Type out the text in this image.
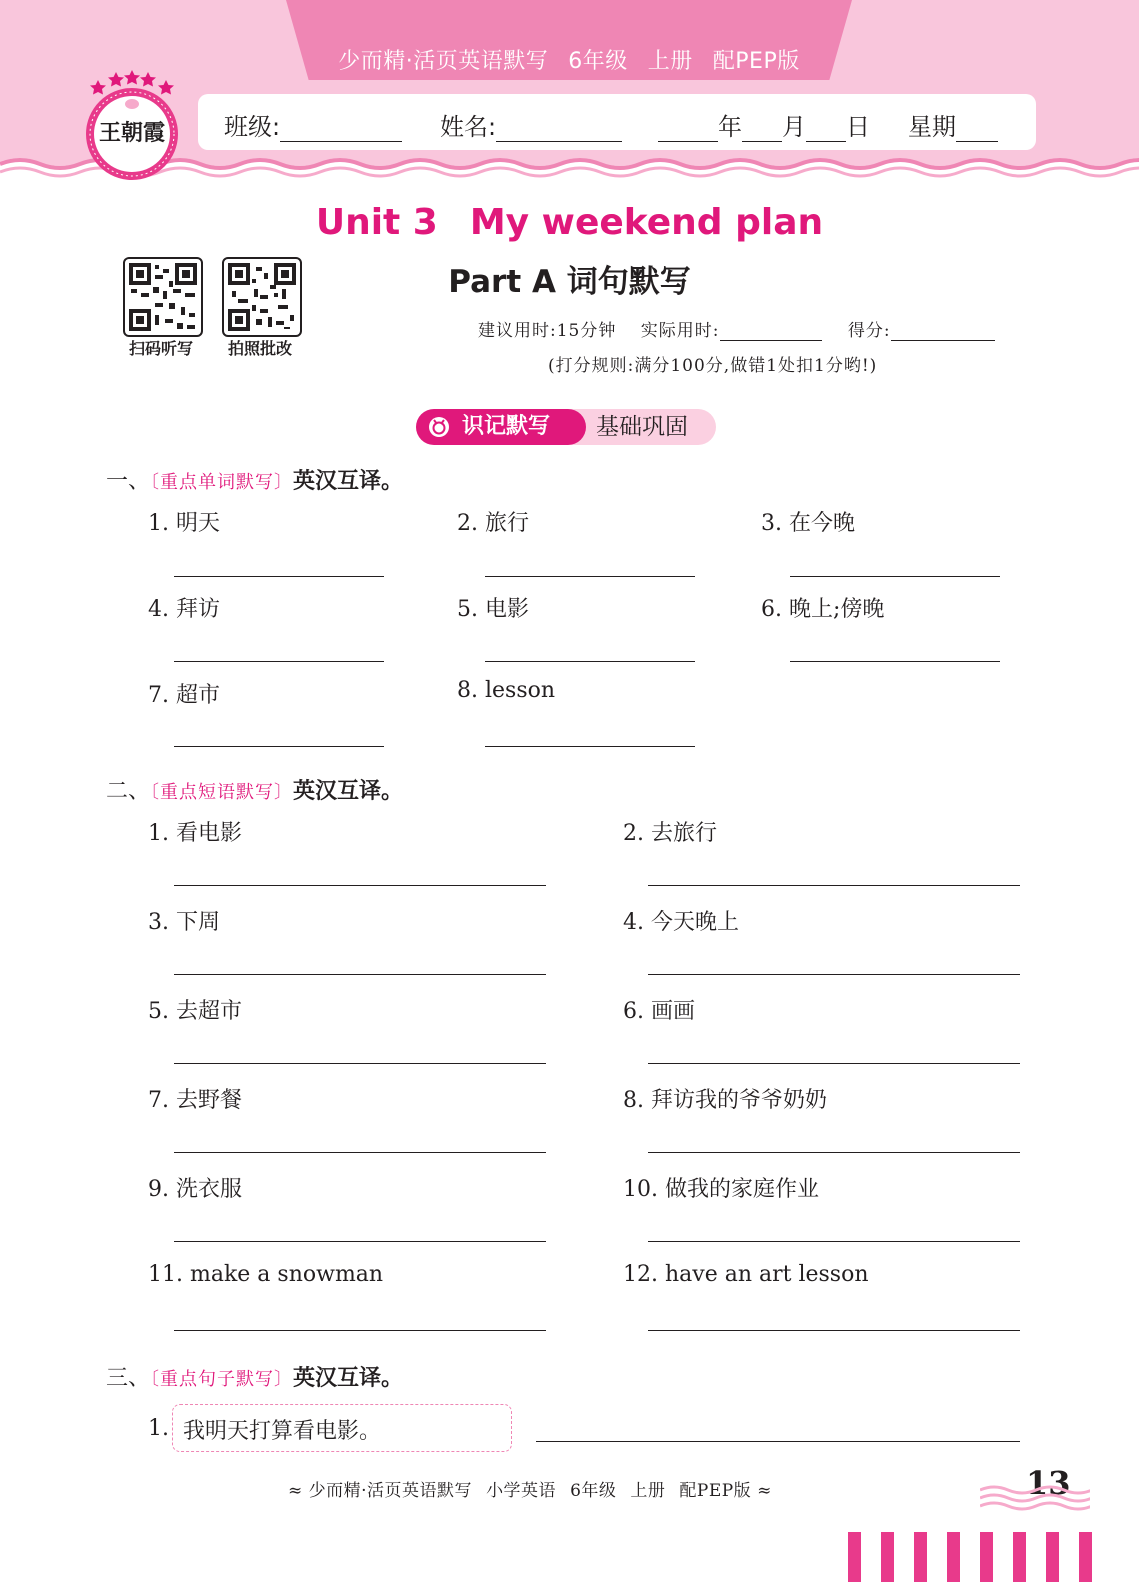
少而精·活页英语默写 6年级 上册 配PEP版
班级:	姓名:	年 月 日 星期
王朝霞
Unit 3 My weekend plan
Part A 词句默写
扫码听写	拍照批改
建议用时:15分钟 实际用时:	得分:
(打分规则:满分100分,做错1处扣1分哟!)
识记默写 基础巩固
一、〔重点单词默写〕英汉互译。
1. 明天	2. 旅行	3. 在今晚
4. 拜访	5. 电影	6. 晚上;傍晚
7. 超市	8. lesson
二、〔重点短语默写〕英汉互译。
1. 看电影	2. 去旅行
3. 下周	4. 今天晚上
5. 去超市	6. 画画
7. 去野餐	8. 拜访我的爷爷奶奶
9. 洗衣服	10. 做我的家庭作业
11. make a snowman	12. have an art lesson
三、〔重点句子默写〕英汉互译。
1. 我明天打算看电影。
≈ 少而精·活页英语默写 小学英语 6年级 上册 配PEP版 ≈	13
